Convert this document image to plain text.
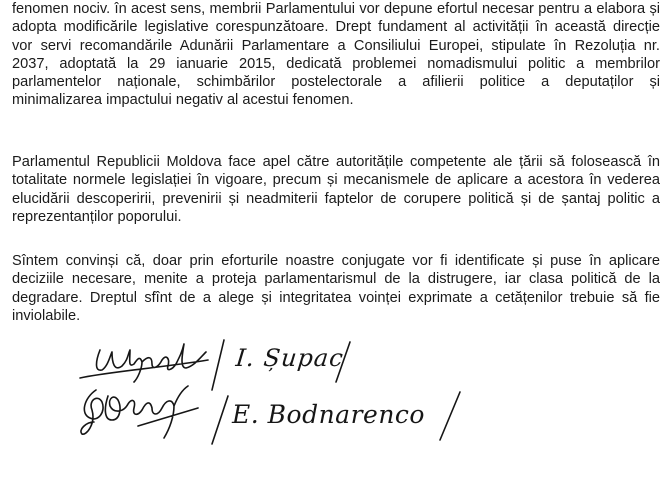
fenomen nociv. în acest sens, membrii Parlamentului vor depune efortul necesar pentru a elabora și
adopta modificările legislative corespunzătoare. Drept fundament al activității în această direcție
vor servi recomandările Adunării Parlamentare a Consiliului Europei, stipulate în Rezoluția nr.
2037, adoptată la 29 ianuarie 2015, dedicată problemei nomadismului politic a membrilor
parlamentelor naționale, schimbărilor postelectorale a afilierii politice a deputaților și
minimalizarea impactului negativ al acestui fenomen.
Parlamentul Republicii Moldova face apel către autoritățile competente ale țării să folosească în
totalitate normele legislației în vigoare, precum și mecanismele de aplicare a acestora în vederea
elucidării descoperirii, prevenirii și neadmiterii faptelor de corupere politică și de șantaj politic a
reprezentanților poporului.
Sîntem convinși că, doar prin eforturile noastre conjugate vor fi identificate și puse în aplicare
deciziile necesare, menite a proteja parlamentarismul de la distrugere, iar clasa politică de la
degradare. Dreptul sfînt de a alege și integritatea voinței exprimate a cetățenilor trebuie să fie
inviolabile.
I. Șupac
E. Bodnarenco
